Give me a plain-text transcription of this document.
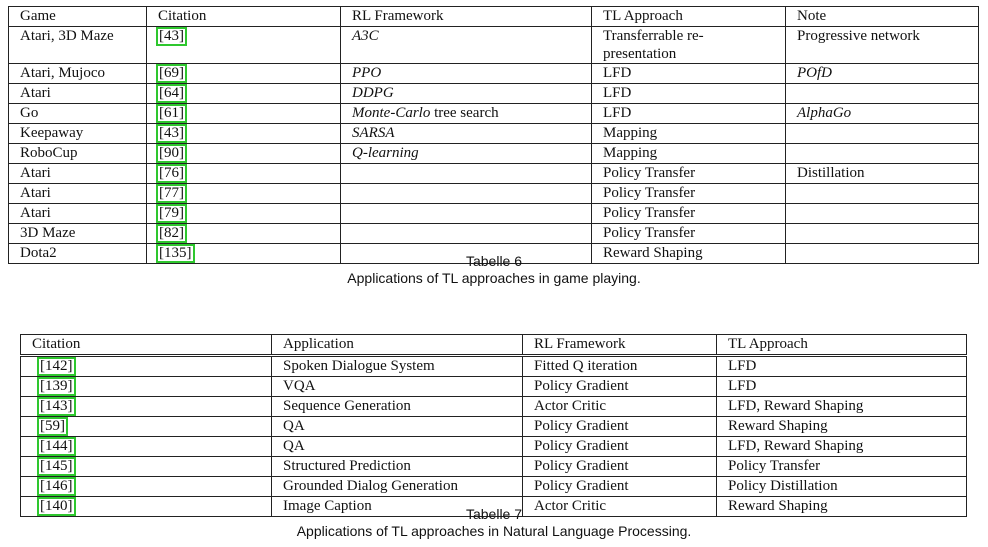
Game	Citation	RL Framework	TL Approach	Note
Atari, 3D Maze	[43]	A3C	Transferrable re-presentation	Progressive network
Atari, Mujoco	[69]	PPO	LFD	POfD
Atari	[64]	DDPG	LFD	
Go	[61]	Monte-Carlo tree search	LFD	AlphaGo
Keepaway	[43]	SARSA	Mapping	
RoboCup	[90]	Q-learning	Mapping	
Atari	[76]		Policy Transfer	Distillation
Atari	[77]		Policy Transfer	
Atari	[79]		Policy Transfer	
3D Maze	[82]		Policy Transfer	
Dota2	[135]		Reward Shaping	
Tabelle 6
Applications of TL approaches in game playing.
Citation	Application	RL Framework	TL Approach
[142]	Spoken Dialogue System	Fitted Q iteration	LFD
[139]	VQA	Policy Gradient	LFD
[143]	Sequence Generation	Actor Critic	LFD, Reward Shaping
[59]	QA	Policy Gradient	Reward Shaping
[144]	QA	Policy Gradient	LFD, Reward Shaping
[145]	Structured Prediction	Policy Gradient	Policy Transfer
[146]	Grounded Dialog Generation	Policy Gradient	Policy Distillation
[140]	Image Caption	Actor Critic	Reward Shaping
Tabelle 7
Applications of TL approaches in Natural Language Processing.
